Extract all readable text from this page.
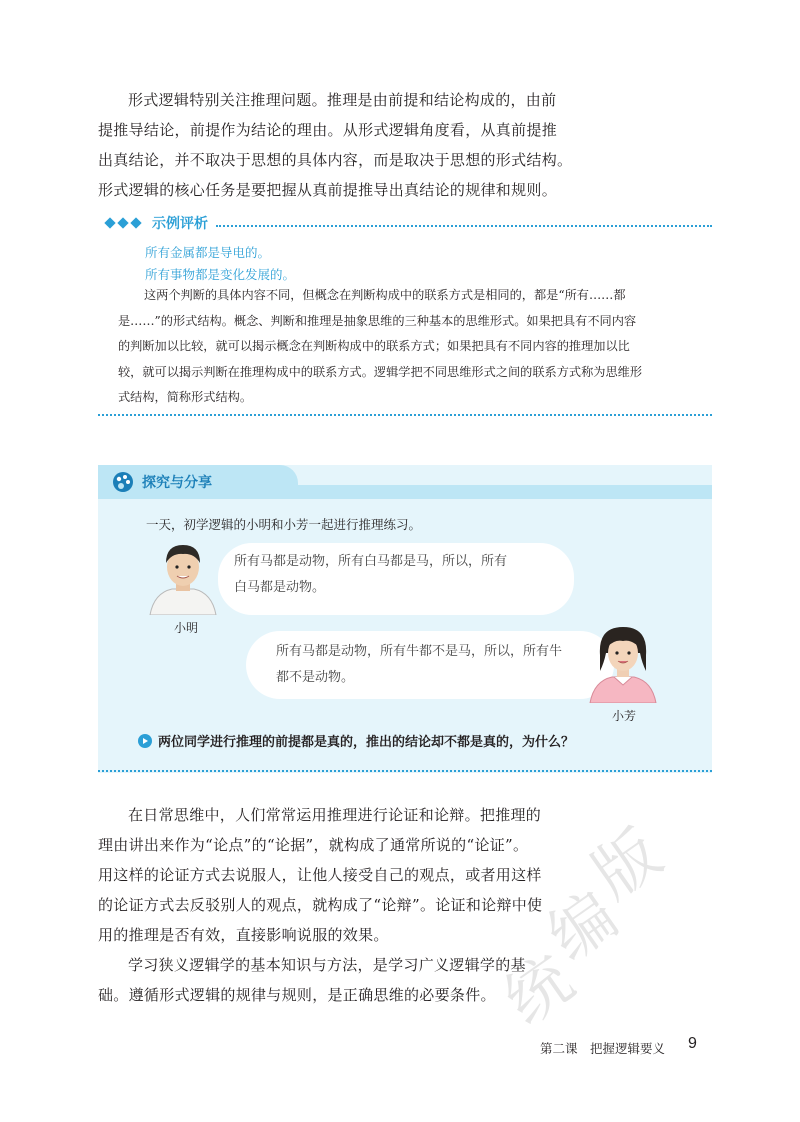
形式逻辑特别关注推理问题。推理是由前提和结论构成的，由前
提推导结论，前提作为结论的理由。从形式逻辑角度看，从真前提推
出真结论，并不取决于思想的具体内容，而是取决于思想的形式结构。
形式逻辑的核心任务是要把握从真前提推导出真结论的规律和规则。

示例评析
所有金属都是导电的。
所有事物都是变化发展的。
这两个判断的具体内容不同，但概念在判断构成中的联系方式是相同的，都是“所有……都
是……”的形式结构。概念、判断和推理是抽象思维的三种基本的思维形式。如果把具有不同内容
的判断加以比较，就可以揭示概念在判断构成中的联系方式；如果把具有不同内容的推理加以比
较，就可以揭示判断在推理构成中的联系方式。逻辑学把不同思维形式之间的联系方式称为思维形
式结构，简称形式结构。
探究与分享
一天，初学逻辑的小明和小芳一起进行推理练习。
小明
所有马都是动物，所有白马都是马，所以，所有
白马都是动物。
所有马都是动物，所有牛都不是马，所以，所有牛
都不是动物。
小芳
两位同学进行推理的前提都是真的，推出的结论却不都是真的，为什么？

在日常思维中，人们常常运用推理进行论证和论辩。把推理的
理由讲出来作为“论点”的“论据”，就构成了通常所说的“论证”。
用这样的论证方式去说服人，让他人接受自己的观点，或者用这样
的论证方式去反驳别人的观点，就构成了“论辩”。论证和论辩中使
用的推理是否有效，直接影响说服的效果。

学习狭义逻辑学的基本知识与方法，是学习广义逻辑学的基
础。遵循形式逻辑的规律与规则，是正确思维的必要条件。

版
编
统
第二课　把握逻辑要义 9
